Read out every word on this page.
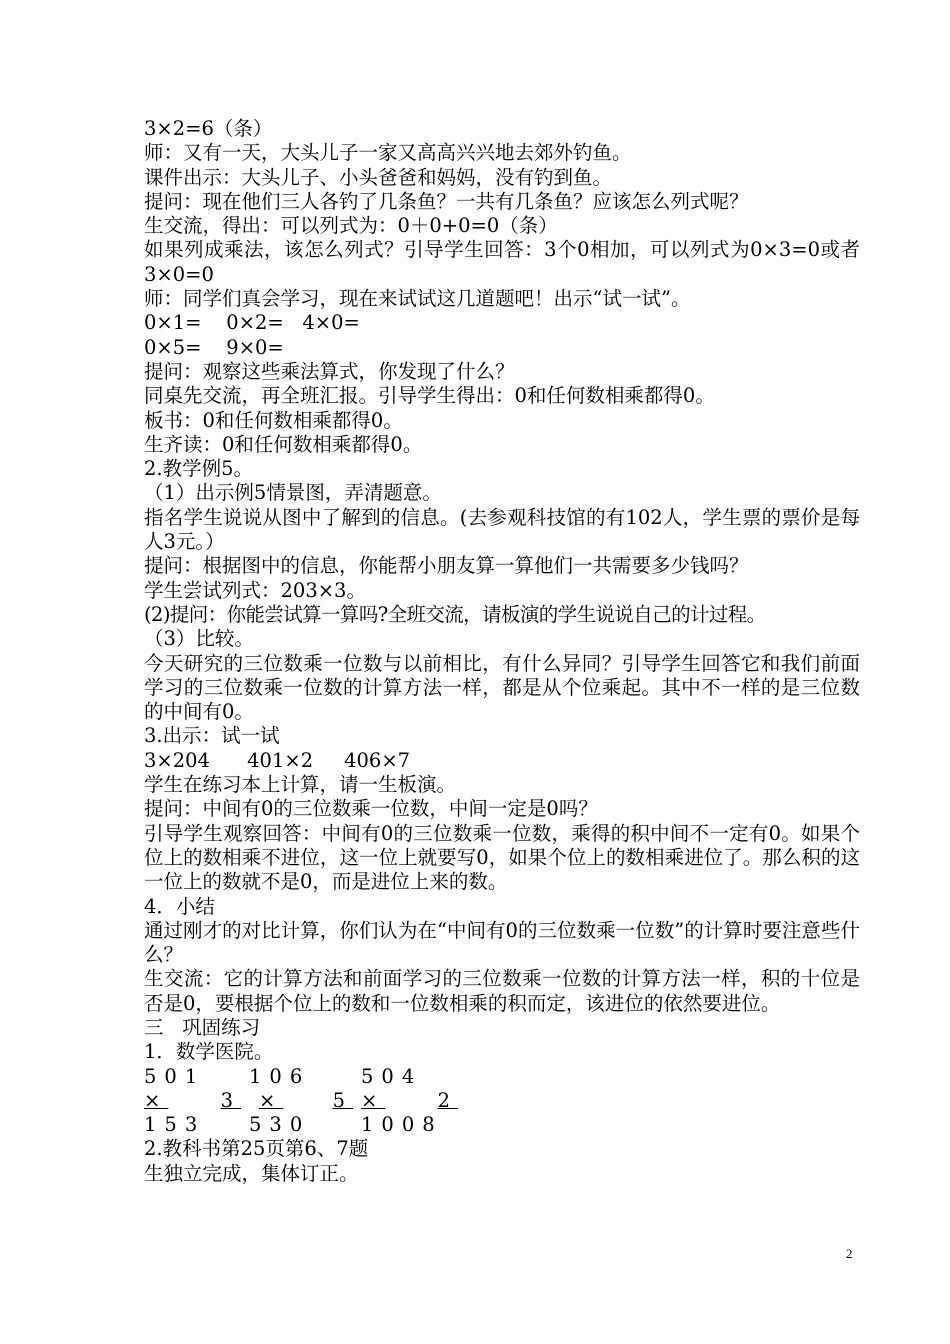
3×2=6（条）

师：又有一天，大头儿子一家又高高兴兴地去郊外钓鱼。

课件出示：大头儿子、小头爸爸和妈妈，没有钓到鱼。

提问：现在他们三人各钓了几条鱼？一共有几条鱼？应该怎么列式呢？

生交流，得出：可以列式为：0＋0+0=0（条）

如果列成乘法，该怎么列式？引导学生回答：3个0相加，可以列式为0×3=0或者3×0=0

师：同学们真会学习，现在来试试这几道题吧！出示“试一试”。

0×1=    0×2=   4×0=

0×5=    9×0=

提问：观察这些乘法算式，你发现了什么？

同桌先交流，再全班汇报。引导学生得出：0和任何数相乘都得0。

板书：0和任何数相乘都得0。

生齐读：0和任何数相乘都得0。

2.教学例5。

（1）出示例5情景图，弄清题意。

指名学生说说从图中了解到的信息。(去参观科技馆的有102人，学生票的票价是每人3元。）

提问：根据图中的信息，你能帮小朋友算一算他们一共需要多少钱吗？

学生尝试列式：203×3。

(2)提问：你能尝试算一算吗?全班交流，请板演的学生说说自己的计过程。

（3）比较。

今天研究的三位数乘一位数与以前相比，有什么异同？引导学生回答它和我们前面学习的三位数乘一位数的计算方法一样，都是从个位乘起。其中不一样的是三位数的中间有0。

3.出示：试一试

3×204      401×2     406×7

学生在练习本上计算，请一生板演。

提问：中间有0的三位数乘一位数，中间一定是0吗？

引导学生观察回答：中间有0的三位数乘一位数，乘得的积中间不一定有0。如果个位上的数相乘不进位，这一位上就要写0，如果个位上的数相乘进位了。那么积的这一位上的数就不是0，而是进位上来的数。

4．小结

通过刚才的对比计算，你们认为在“中间有0的三位数乘一位数”的计算时要注意些什么？

生交流：它的计算方法和前面学习的三位数乘一位数的计算方法一样，积的十位是否是0，要根据个位上的数和一位数相乘的积而定，该进位的依然要进位。

三   巩固练习

1．数学医院。

501	106	504
×	3 ×	5 ×	2
153	530	1008

2.教科书第25页第6、7题

生独立完成，集体订正。

2
